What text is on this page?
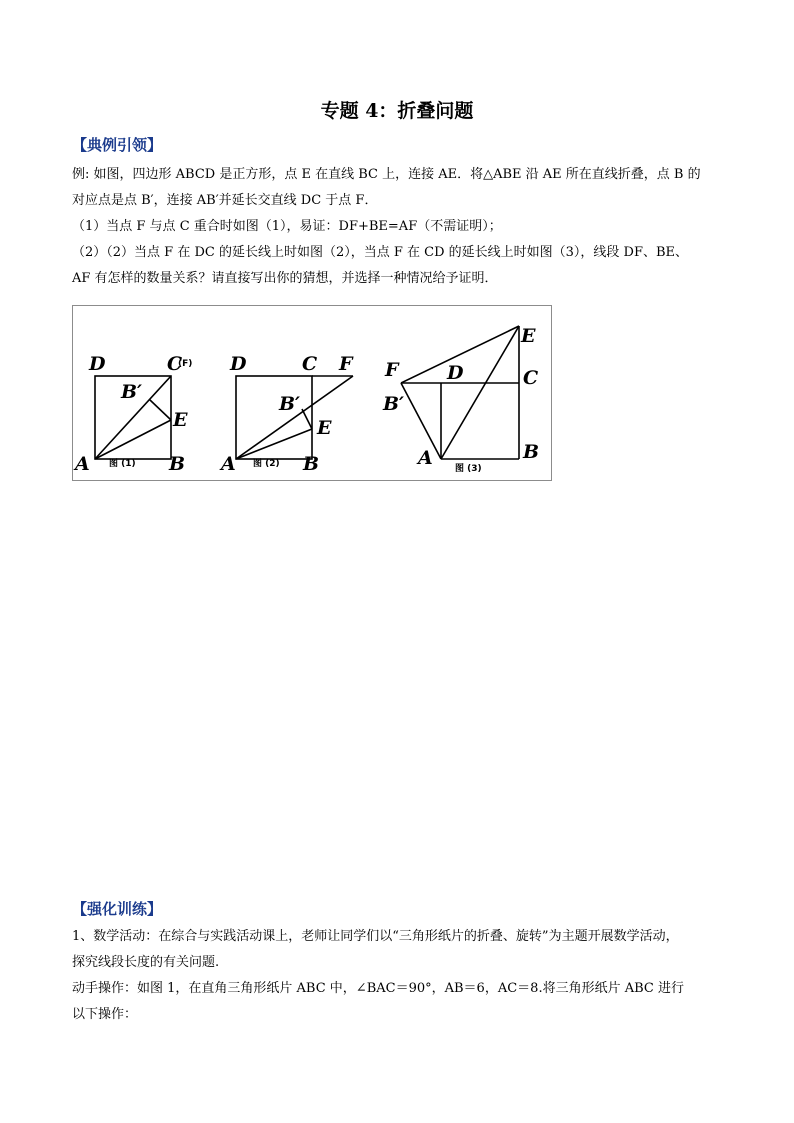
专题 4：折叠问题
【典例引领】
例: 如图，四边形 ABCD 是正方形，点 E 在直线 BC 上，连接 AE．将△ABE 沿 AE 所在直线折叠，点 B 的
对应点是点 B′，连接 AB′并延长交直线 DC 于点 F．
（1）当点 F 与点 C 重合时如图（1），易证：DF+BE=AF（不需证明）；
（2）（2）当点 F 在 DC 的延长线上时如图（2），当点 F 在 CD 的延长线上时如图（3），线段 DF、BE、
AF 有怎样的数量关系？请直接写出你的猜想，并选择一种情况给予证明．
D	C
(F)
B′
E
A	B
图 (1)
D	C F
B′
E
A	B
图 (2)
F	D	C
E
B′
A	B
图 (3)
【强化训练】
1、数学活动：在综合与实践活动课上，老师让同学们以“三角形纸片的折叠、旋转”为主题开展数学活动，
探究线段长度的有关问题.
动手操作：如图 1，在直角三角形纸片 ABC 中，∠BAC＝90°，AB＝6，AC＝8.将三角形纸片 ABC 进行
以下操作：
